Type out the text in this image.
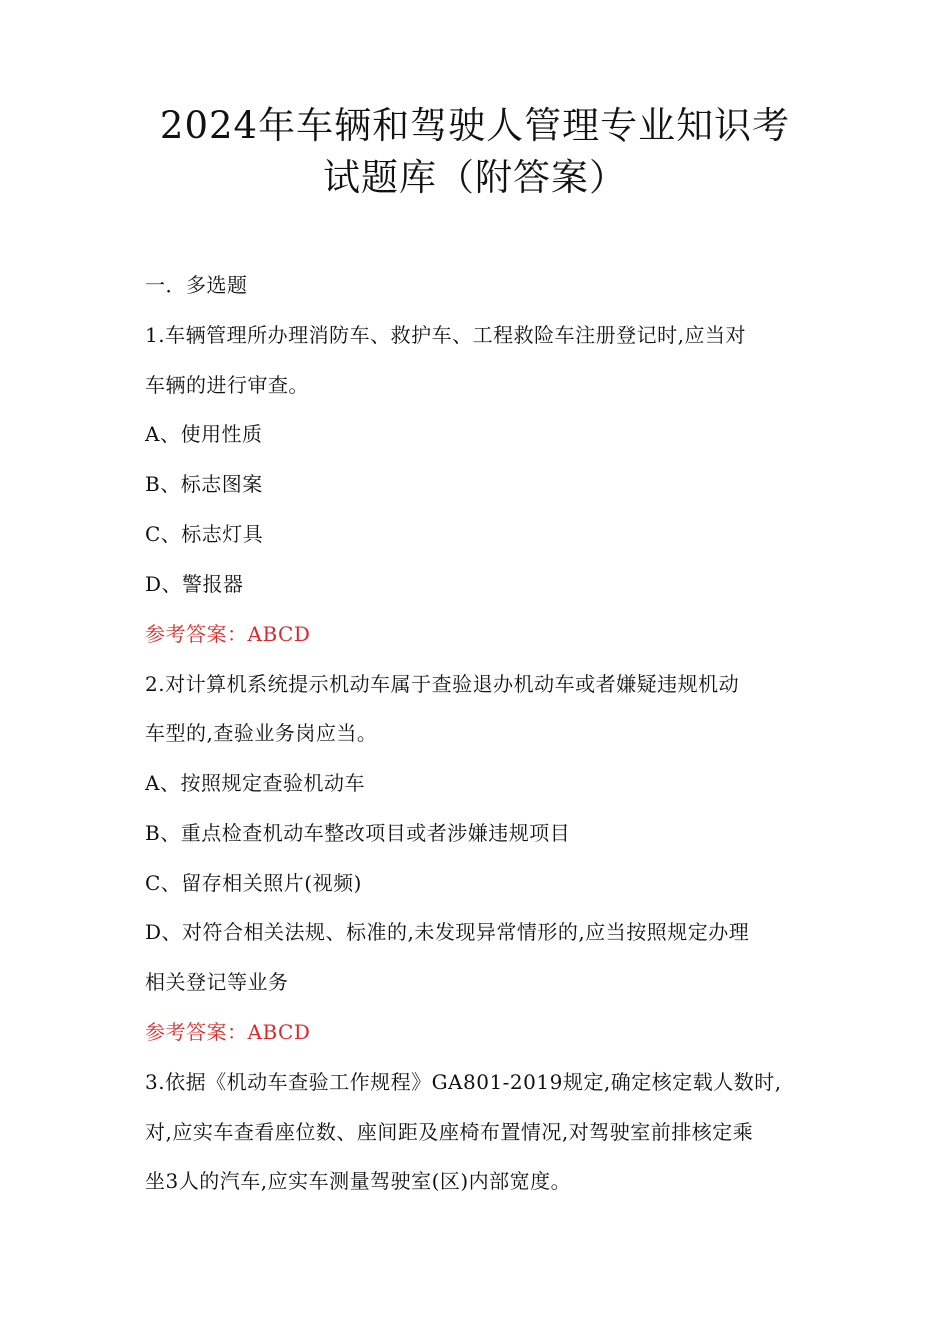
2024年车辆和驾驶人管理专业知识考
试题库（附答案）
一．多选题
1.车辆管理所办理消防车、救护车、工程救险车注册登记时,应当对
车辆的进行审查。
A、使用性质
B、标志图案
C、标志灯具
D、警报器
参考答案：ABCD
2.对计算机系统提示机动车属于查验退办机动车或者嫌疑违规机动
车型的,查验业务岗应当。
A、按照规定查验机动车
B、重点检查机动车整改项目或者涉嫌违规项目
C、留存相关照片(视频)
D、对符合相关法规、标准的,未发现异常情形的,应当按照规定办理
相关登记等业务
参考答案：ABCD
3.依据《机动车查验工作规程》GA801-2019规定,确定核定载人数时,
对,应实车查看座位数、座间距及座椅布置情况,对驾驶室前排核定乘
坐3人的汽车,应实车测量驾驶室(区)内部宽度。
